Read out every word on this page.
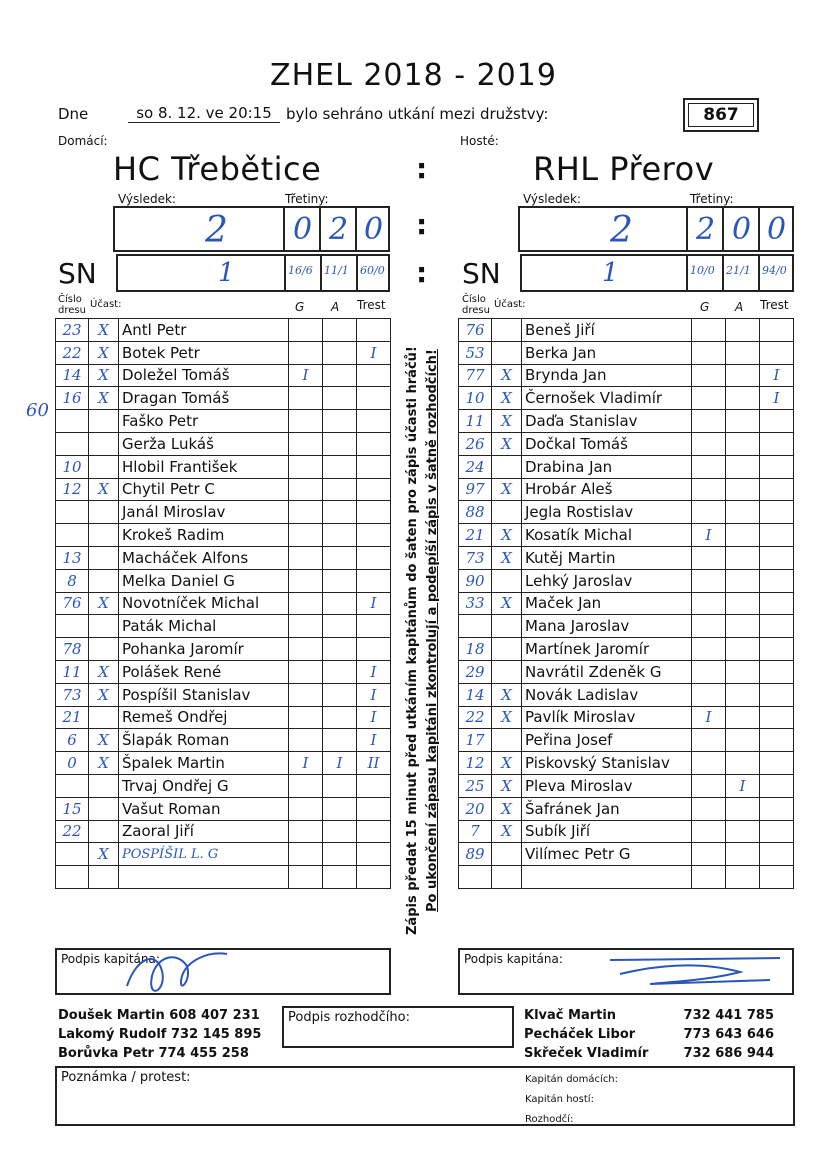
ZHEL 2018 - 2019
Dne	so 8. 12. ve 20:15 bylo sehráno utkání mezi družstvy:	867
Domácí:	Hosté:
HC Třebětice	:	RHL Přerov
Výsledek:	Třetiny:	Výsledek:	Třetiny:
2 0 2 0 :	2 2 0 0
SN	1	16/6 11/1 60/0 : SN	1	10/0 21/1 94/0
Číslo dresu
Účast:	G A Trest	Číslo dresu
Účast:	G A Trest
23	X	Antl Petr			
22	X	Botek Petr			I
14	X	Doležel Tomáš	I		
16	X	Dragan Tomáš			
		Faško Petr			
		Gerža Lukáš			
10		Hlobil František			
12	X	Chytil Petr C			
		Janál Miroslav			
		Krokeš Radim			
13		Macháček Alfons			
8		Melka Daniel G			
76	X	Novotníček Michal			I
		Paták Michal			
78		Pohanka Jaromír			
11	X	Polášek René			I
73	X	Pospíšil Stanislav			I
21		Remeš Ondřej			I
6	X	Šlapák Roman			I
0	X	Špalek Martin	I	I	II
		Trvaj Ondřej G			
15		Vašut Roman			
22		Zaoral Jiří			
	X	POSPÍŠIL L. G			

76		Beneš Jiří			
53		Berka Jan			
77	X	Brynda Jan			I
10	X	Černošek Vladimír			I
11	X	Daďa Stanislav			
26	X	Dočkal Tomáš			
24		Drabina Jan			
97	X	Hrobár Aleš			
88		Jegla Rostislav			
21	X	Kosatík Michal	I		
73	X	Kutěj Martin			
90		Lehký Jaroslav			
33	X	Maček Jan			
		Mana Jaroslav			
18		Martínek Jaromír			
29		Navrátil Zdeněk G			
14	X	Novák Ladislav			
22	X	Pavlík Miroslav	I		
17		Peřina Josef			
12	X	Piskovský Stanislav			
25	X	Pleva Miroslav		I	
20	X	Šafránek Jan			
7	X	Subík Jiří			
89		Vilímec Petr G			

60	Zápis předat 15 minut před utkáním kapitánům do šaten pro zápis účasti hráčů! Po ukončení zápasu kapitáni zkontrolují a podepíší zápis v šatně rozhodčích!
Podpis kapitána:	Podpis kapitána:
Doušek Martin 608 407 231
Lakomý Rudolf 732 145 895
Borůvka Petr 774 455 258
Podpis rozhodčího:	Klvač Martin	732 441 785
Pecháček Libor	773 643 646
Skřeček Vladimír	732 686 944
Poznámka / protest:	Kapitán domácích:
Kapitán hostí:
Rozhodčí:
